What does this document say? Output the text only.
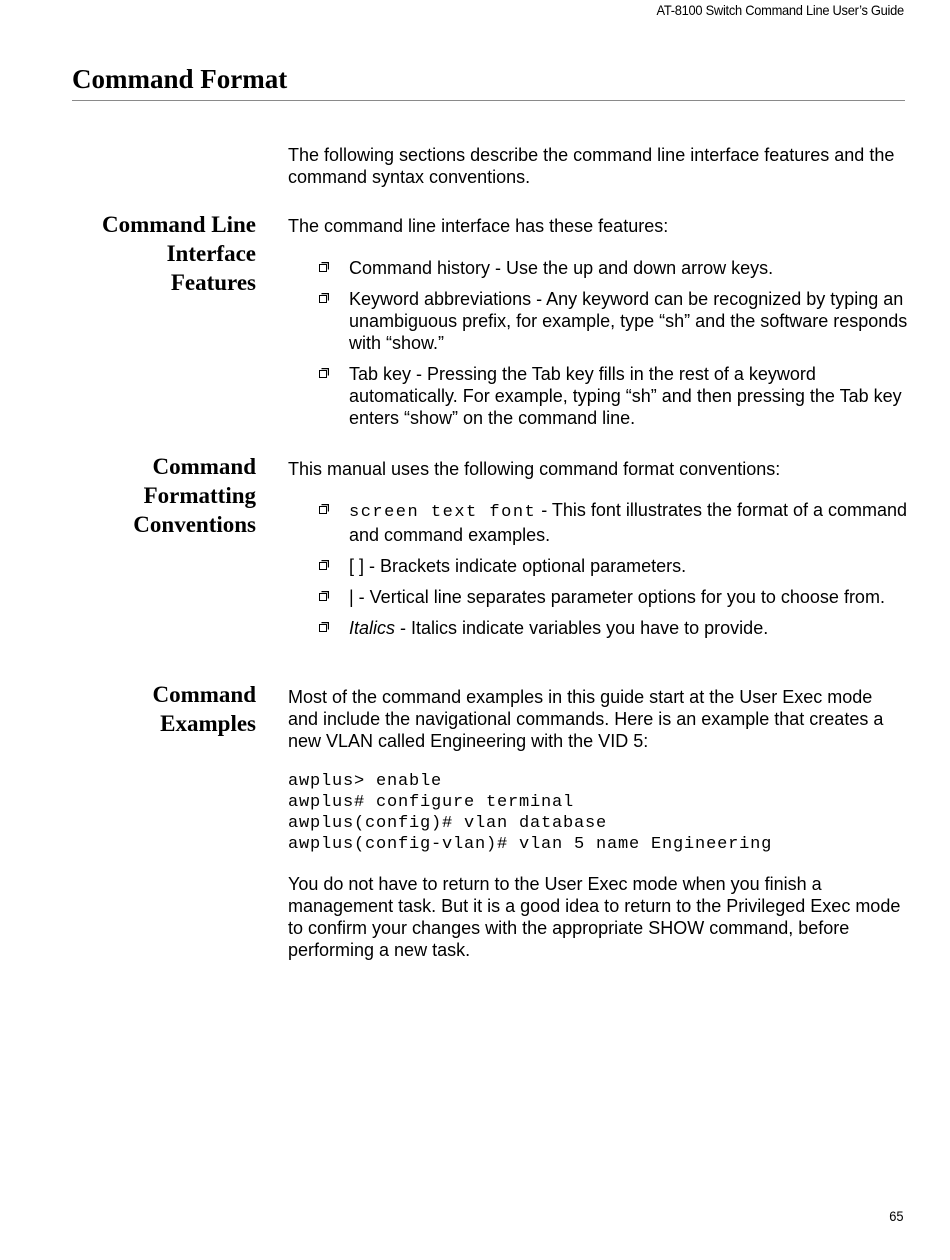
AT-8100 Switch Command Line User’s Guide
Command Format

The following sections describe the command line interface features and the command syntax conventions.

Command Line
Interface
Features

The command line interface has these features:

Command history - Use the up and down arrow keys.
Keyword abbreviations - Any keyword can be recognized by typing an unambiguous prefix, for example, type “sh” and the software responds with “show.”
Tab key - Pressing the Tab key fills in the rest of a keyword automatically. For example, typing “sh” and then pressing the Tab key enters “show” on the command line.
Command
Formatting
Conventions

This manual uses the following command format conventions:

screen text font - This font illustrates the format of a command and command examples.
[ ] - Brackets indicate optional parameters.
| - Vertical line separates parameter options for you to choose from.
Italics - Italics indicate variables you have to provide.
Command
Examples

Most of the command examples in this guide start at the User Exec mode and include the navigational commands. Here is an example that creates a new VLAN called Engineering with the VID 5:

awplus> enable
awplus# configure terminal
awplus(config)# vlan database
awplus(config-vlan)# vlan 5 name Engineering

You do not have to return to the User Exec mode when you finish a management task. But it is a good idea to return to the Privileged Exec mode to confirm your changes with the appropriate SHOW command, before performing a new task.

65
